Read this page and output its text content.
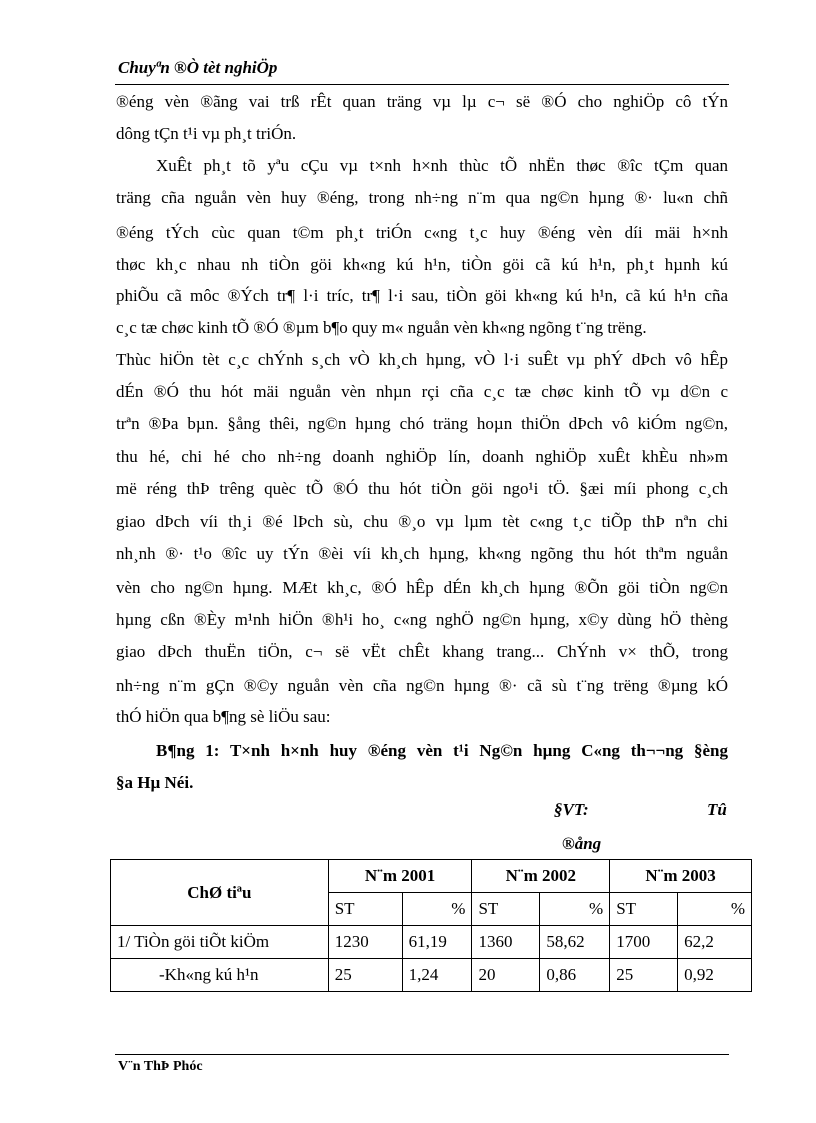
Chuyªn ®Ò tèt nghiÖp
®éng vèn ®ãng vai trß rÊt quan träng vµ lµ c¬ së ®Ó cho nghiÖp cô tÝn
dông tÇn t¹i vµ ph¸t triÓn.
XuÊt ph¸t tõ yªu cÇu vµ t×nh h×nh thùc tÕ nhËn thøc ®îc tÇm quan
träng cña nguån vèn huy ®éng, trong nh÷ng n¨m qua ng©n hµng ®· lu«n chñ
®éng tÝch cùc quan t©m ph¸t triÓn c«ng t¸c huy ®éng vèn díi mäi h×nh
thøc kh¸c nhau nh tiÒn göi kh«ng kú h¹n, tiÒn göi cã kú h¹n, ph¸t hµnh kú
phiÕu cã môc ®Ých tr¶ l·i tríc, tr¶ l·i sau, tiÒn göi kh«ng kú h¹n, cã kú h¹n cña
c¸c tæ chøc kinh tÕ ®Ó ®µm b¶o quy m« nguån vèn kh«ng ngõng t¨ng trëng.
Thùc hiÖn tèt c¸c chÝnh s¸ch vÒ kh¸ch hµng, vÒ l·i suÊt vµ phÝ dÞch vô hÊp
dÉn ®Ó thu hót mäi nguån vèn nhµn rçi cña c¸c tæ chøc kinh tÕ vµ d©n c
trªn ®Þa bµn. §ång thêi, ng©n hµng chó träng hoµn thiÖn dÞch vô kiÓm ng©n,
thu hé, chi hé cho nh÷ng doanh nghiÖp lín, doanh nghiÖp xuÊt khÈu nh»m
më réng thÞ trêng quèc tÕ ®Ó thu hót tiÒn göi ngo¹i tÖ. §æi míi phong c¸ch
giao dÞch víi th¸i ®é lÞch sù, chu ®¸o vµ lµm tèt c«ng t¸c tiÕp thÞ nªn chi
nh¸nh ®· t¹o ®îc uy tÝn ®èi víi kh¸ch hµng, kh«ng ngõng thu hót thªm nguån
vèn cho ng©n hµng. MÆt kh¸c, ®Ó hÊp dÉn kh¸ch hµng ®Õn göi tiÒn ng©n
hµng cßn ®Èy m¹nh hiÖn ®h¹i ho¸ c«ng nghÖ ng©n hµng, x©y dùng hÖ thèng
giao dÞch thuËn tiÖn, c¬ së vËt chÊt khang trang... ChÝnh v× thÕ, trong
nh÷ng n¨m gÇn ®©y nguån vèn cña ng©n hµng ®· cã sù t¨ng trëng ®µng kÓ
thÓ hiÖn qua b¶ng sè liÖu sau:
B¶ng 1: T×nh h×nh huy ®éng vèn t¹i Ng©n hµng C«ng th¬¬ng §èng
§a Hµ Néi.
§VT:	Tû
®ång
ChØ tiªu	N¨m 2001		N¨m 2002		N¨m 2003	
	ST	%	ST	%	ST	%
1/ TiÒn göi tiÕt kiÖm	1230	61,19	1360	58,62	1700	62,2
-Kh«ng kú h¹n	25	1,24	20	0,86	25	0,92
V¨n ThÞ Phóc
